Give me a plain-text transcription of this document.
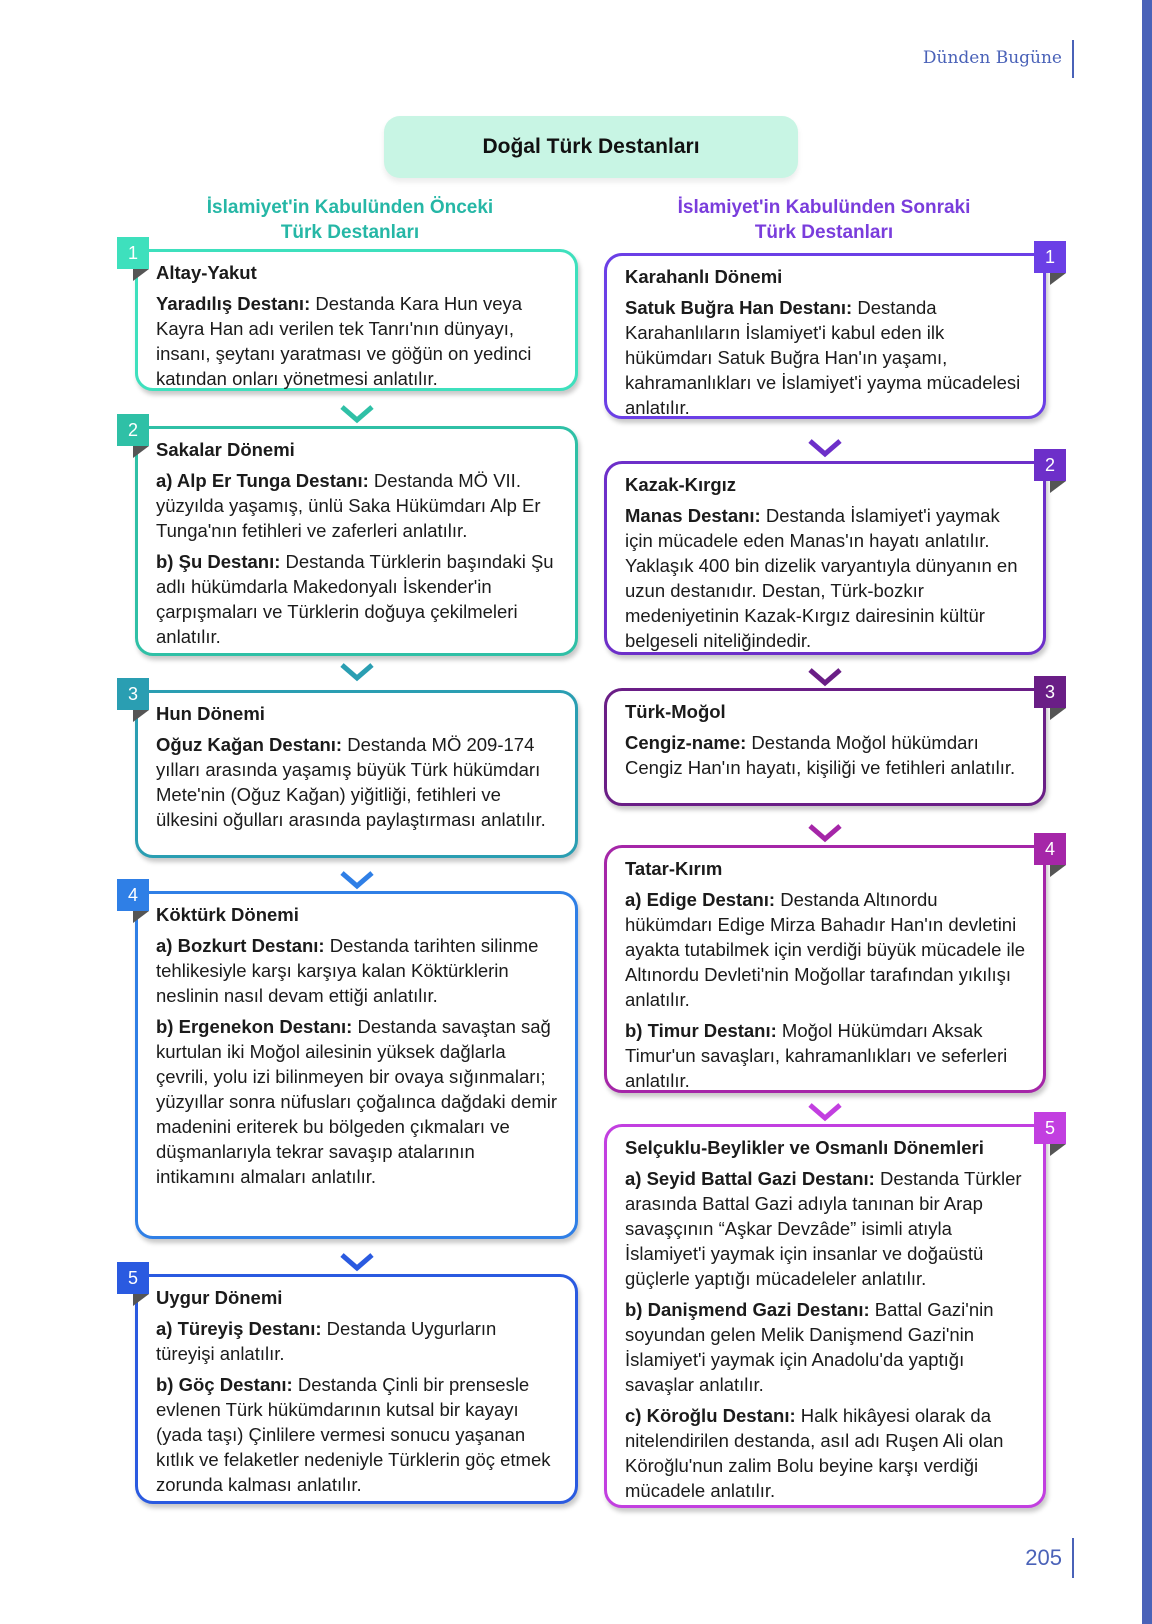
Dünden Bugüne
Doğal Türk Destanları
İslamiyet'in Kabulünden Önceki
Türk Destanları
İslamiyet'in Kabulünden Sonraki
Türk Destanları
Altay-Yakut

Yaradılış Destanı: Destanda Kara Hun veya Kayra Han adı verilen tek Tanrı'nın dünyayı, insanı, şeytanı yaratması ve göğün on yedinci katından onları yönetmesi anlatılır.

1
Sakalar Dönemi

a) Alp Er Tunga Destanı: Destanda MÖ VII. yüzyılda yaşamış, ünlü Saka Hükümdarı Alp Er Tunga'nın fetihleri ve zaferleri anlatılır.

b) Şu Destanı: Destanda Türklerin başındaki Şu adlı hükümdarla Makedonyalı İskender'in çarpışmaları ve Türklerin doğuya çekilmeleri anlatılır.

2
Hun Dönemi

Oğuz Kağan Destanı: Destanda MÖ 209-174 yılları arasında yaşamış büyük Türk hükümdarı Mete'nin (Oğuz Kağan) yiğitliği, fetihleri ve ülkesini oğulları arasında paylaştırması anlatılır.

3
Köktürk Dönemi

a) Bozkurt Destanı: Destanda tarihten silinme tehlikesiyle karşı karşıya kalan Köktürklerin neslinin nasıl devam ettiği anlatılır.

b) Ergenekon Destanı: Destanda savaştan sağ kurtulan iki Moğol ailesinin yüksek dağlarla çevrili, yolu izi bilinmeyen bir ovaya sığınmaları; yüzyıllar sonra nüfusları çoğalınca dağdaki demir madenini eriterek bu bölgeden çıkmaları ve düşmanlarıyla tekrar savaşıp atalarının intikamını almaları anlatılır.

4
Uygur Dönemi

a) Türeyiş Destanı: Destanda Uygurların türeyişi anlatılır.

b) Göç Destanı: Destanda Çinli bir prensesle evlenen Türk hükümdarının kutsal bir kayayı (yada taşı) Çinlilere vermesi sonucu yaşanan kıtlık ve felaketler nedeniyle Türklerin göç etmek zorunda kalması anlatılır.

5
Karahanlı Dönemi

Satuk Buğra Han Destanı: Destanda Karahanlıların İslamiyet'i kabul eden ilk hükümdarı Satuk Buğra Han'ın yaşamı, kahramanlıkları ve İslamiyet'i yayma mücadelesi anlatılır.

1
Kazak-Kırgız

Manas Destanı: Destanda İslamiyet'i yaymak için mücadele eden Manas'ın hayatı anlatılır. Yaklaşık 400 bin dizelik varyantıyla dünyanın en uzun destanıdır. Destan, Türk-bozkır medeniyetinin Kazak-Kırgız dairesinin kültür belgeseli niteliğindedir.

2
Türk-Moğol

Cengiz-name: Destanda Moğol hükümdarı Cengiz Han'ın hayatı, kişiliği ve fetihleri anlatılır.

3
Tatar-Kırım

a) Edige Destanı: Destanda Altınordu hükümdarı Edige Mirza Bahadır Han'ın devletini ayakta tutabilmek için verdiği büyük mücadele ile Altınordu Devleti'nin Moğollar tarafından yıkılışı anlatılır.

b) Timur Destanı: Moğol Hükümdarı Aksak Timur'un savaşları, kahramanlıkları ve seferleri anlatılır.

4
Selçuklu-Beylikler ve Osmanlı Dönemleri

a) Seyid Battal Gazi Destanı: Destanda Türkler arasında Battal Gazi adıyla tanınan bir Arap savaşçının “Aşkar Devzâde” isimli atıyla İslamiyet'i yaymak için insanlar ve doğaüstü güçlerle yaptığı mücadeleler anlatılır.

b) Danişmend Gazi Destanı: Battal Gazi'nin soyundan gelen Melik Danişmend Gazi'nin İslamiyet'i yaymak için Anadolu'da yaptığı savaşlar anlatılır.

c) Köroğlu Destanı: Halk hikâyesi olarak da nitelendirilen destanda, asıl adı Ruşen Ali olan Köroğlu'nun zalim Bolu beyine karşı verdiği mücadele anlatılır.

5
205
